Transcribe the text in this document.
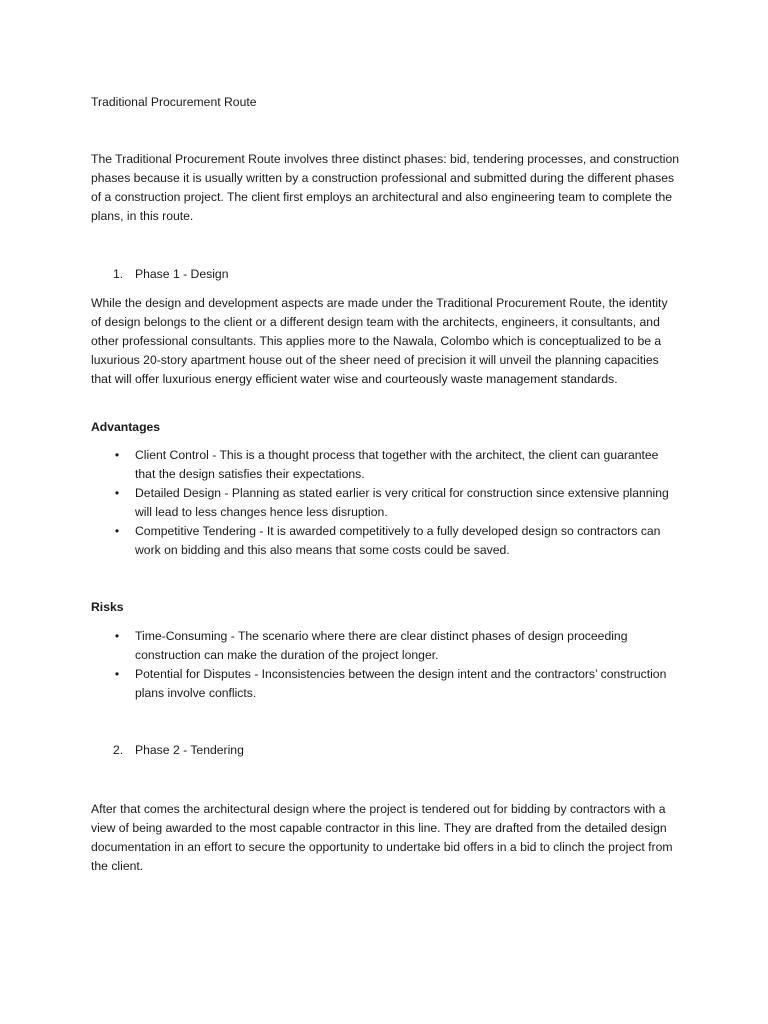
Traditional Procurement Route

The Traditional Procurement Route involves three distinct phases: bid, tendering processes, and construction phases because it is usually written by a construction professional and submitted during the different phases of a construction project. The client first employs an architectural and also engineering team to complete the plans, in this route.

1. Phase 1 - Design

While the design and development aspects are made under the Traditional Procurement Route, the identity of design belongs to the client or a different design team with the architects, engineers, it consultants, and other professional consultants. This applies more to the Nawala, Colombo which is conceptualized to be a luxurious 20-story apartment house out of the sheer need of precision it will unveil the planning capacities that will offer luxurious energy efficient water wise and courteously waste management standards.

Advantages
•	Client Control - This is a thought process that together with the architect, the client can guarantee that the design satisfies their expectations.
•	Detailed Design - Planning as stated earlier is very critical for construction since extensive planning will lead to less changes hence less disruption.
•	Competitive Tendering - It is awarded competitively to a fully developed design so contractors can work on bidding and this also means that some costs could be saved.
Risks
•	Time-Consuming - The scenario where there are clear distinct phases of design proceeding construction can make the duration of the project longer.
•	Potential for Disputes - Inconsistencies between the design intent and the contractors’ construction plans involve conflicts.

2. Phase 2 - Tendering

After that comes the architectural design where the project is tendered out for bidding by contractors with a view of being awarded to the most capable contractor in this line. They are drafted from the detailed design documentation in an effort to secure the opportunity to undertake bid offers in a bid to clinch the project from the client.
